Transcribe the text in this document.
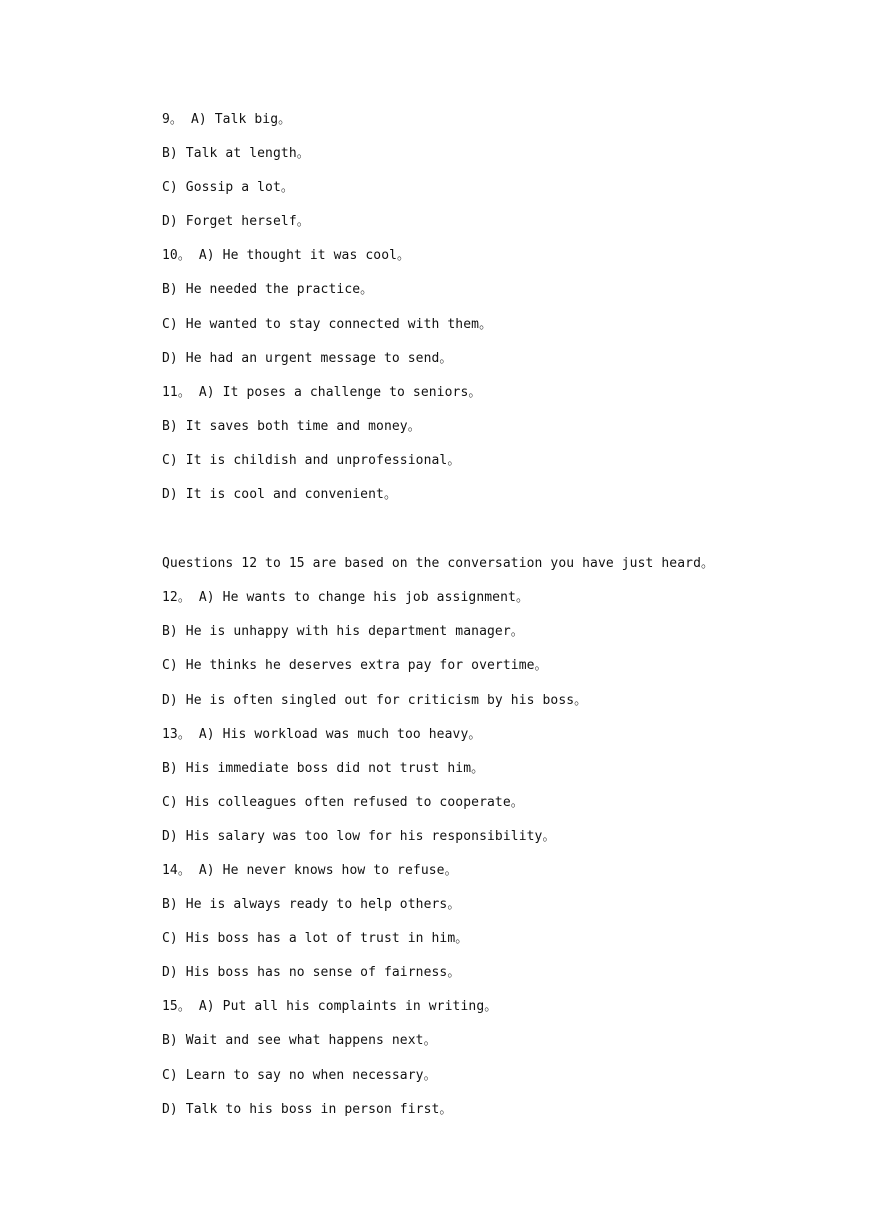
9。 A) Talk big。
B) Talk at length。
C) Gossip a lot。
D) Forget herself。
10。 A) He thought it was cool。
B) He needed the practice。
C) He wanted to stay connected with them。
D) He had an urgent message to send。
11。 A) It poses a challenge to seniors。
B) It saves both time and money。
C) It is childish and unprofessional。
D) It is cool and convenient。
Questions 12 to 15 are based on the conversation you have just heard。
12。 A) He wants to change his job assignment。
B) He is unhappy with his department manager。
C) He thinks he deserves extra pay for overtime。
D) He is often singled out for criticism by his boss。
13。 A) His workload was much too heavy。
B) His immediate boss did not trust him。
C) His colleagues often refused to cooperate。
D) His salary was too low for his responsibility。
14。 A) He never knows how to refuse。
B) He is always ready to help others。
C) His boss has a lot of trust in him。
D) His boss has no sense of fairness。
15。 A) Put all his complaints in writing。
B) Wait and see what happens next。
C) Learn to say no when necessary。
D) Talk to his boss in person first。
